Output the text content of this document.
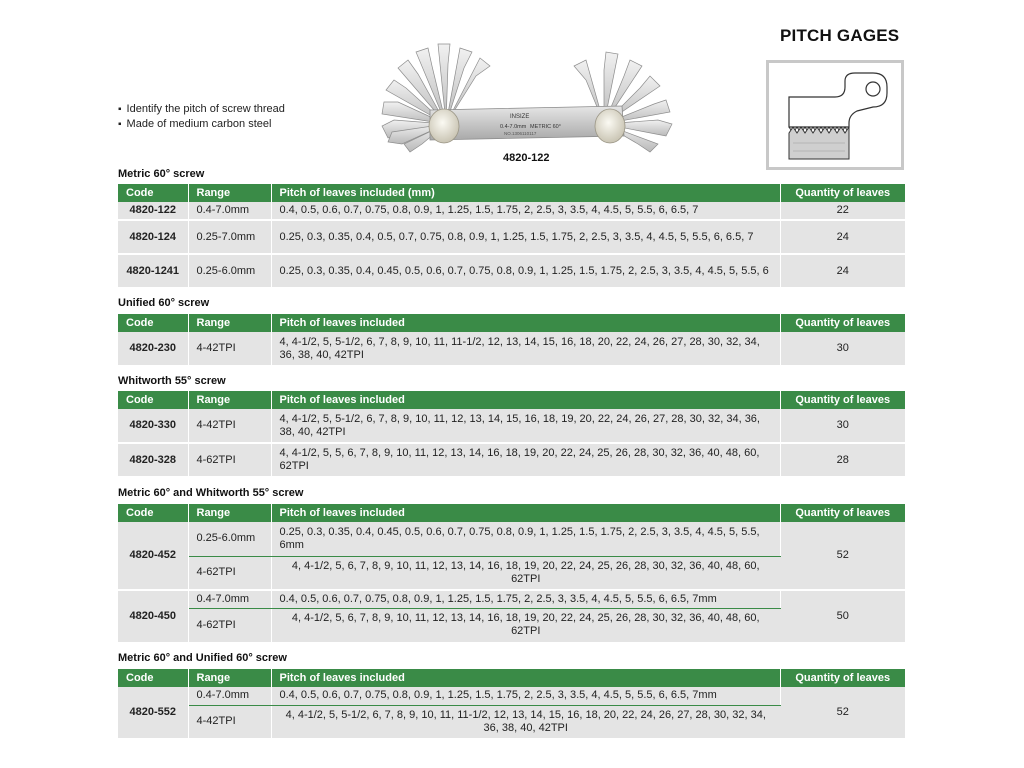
PITCH GAGES
▪ Identify the pitch of screw thread
▪ Made of medium carbon steel
INSIZE
0.4-7.0mm METRIC 60°
NO.1306110117
4820-122
Metric 60° screw
Code	Range	Pitch of leaves included (mm)	Quantity of leaves
4820-122	0.4-7.0mm	0.4, 0.5, 0.6, 0.7, 0.75, 0.8, 0.9, 1, 1.25, 1.5, 1.75, 2, 2.5, 3, 3.5, 4, 4.5, 5, 5.5, 6, 6.5, 7	22
4820-124	0.25-7.0mm	0.25, 0.3, 0.35, 0.4, 0.5, 0.7, 0.75, 0.8, 0.9, 1, 1.25, 1.5, 1.75, 2, 2.5, 3, 3.5, 4, 4.5, 5, 5.5, 6, 6.5, 7	24
4820-1241	0.25-6.0mm	0.25, 0.3, 0.35, 0.4, 0.45, 0.5, 0.6, 0.7, 0.75, 0.8, 0.9, 1, 1.25, 1.5, 1.75, 2, 2.5, 3, 3.5, 4, 4.5, 5, 5.5, 6	24
Unified 60° screw
Code	Range	Pitch of leaves included	Quantity of leaves
4820-230	4-42TPI	4, 4-1/2, 5, 5-1/2, 6, 7, 8, 9, 10, 11, 11-1/2, 12, 13, 14, 15, 16, 18, 20, 22, 24, 26, 27, 28, 30, 32, 34, 36, 38, 40, 42TPI	30
Whitworth 55° screw
Code	Range	Pitch of leaves included	Quantity of leaves
4820-330	4-42TPI	4, 4-1/2, 5, 5-1/2, 6, 7, 8, 9, 10, 11, 12, 13, 14, 15, 16, 18, 19, 20, 22, 24, 26, 27, 28, 30, 32, 34, 36, 38, 40, 42TPI	30
4820-328	4-62TPI	4, 4-1/2, 5, 5, 6, 7, 8, 9, 10, 11, 12, 13, 14, 16, 18, 19, 20, 22, 24, 25, 26, 28, 30, 32, 36, 40, 48, 60, 62TPI	28
Metric 60° and Whitworth 55° screw
Code	Range	Pitch of leaves included	Quantity of leaves
4820-452	0.25-6.0mm	0.25, 0.3, 0.35, 0.4, 0.45, 0.5, 0.6, 0.7, 0.75, 0.8, 0.9, 1, 1.25, 1.5, 1.75, 2, 2.5, 3, 3.5, 4, 4.5, 5, 5.5, 6mm	52
	4-62TPI	4, 4-1/2, 5, 6, 7, 8, 9, 10, 11, 12, 13, 14, 16, 18, 19, 20, 22, 24, 25, 26, 28, 30, 32, 36, 40, 48, 60, 62TPI	
4820-450	0.4-7.0mm	0.4, 0.5, 0.6, 0.7, 0.75, 0.8, 0.9, 1, 1.25, 1.5, 1.75, 2, 2.5, 3, 3.5, 4, 4.5, 5, 5.5, 6, 6.5, 7mm	50
	4-62TPI	4, 4-1/2, 5, 6, 7, 8, 9, 10, 11, 12, 13, 14, 16, 18, 19, 20, 22, 24, 25, 26, 28, 30, 32, 36, 40, 48, 60, 62TPI	
Metric 60° and Unified 60° screw
Code	Range	Pitch of leaves included	Quantity of leaves
4820-552	0.4-7.0mm	0.4, 0.5, 0.6, 0.7, 0.75, 0.8, 0.9, 1, 1.25, 1.5, 1.75, 2, 2.5, 3, 3.5, 4, 4.5, 5, 5.5, 6, 6.5, 7mm	52
	4-42TPI	4, 4-1/2, 5, 5-1/2, 6, 7, 8, 9, 10, 11, 11-1/2, 12, 13, 14, 15, 16, 18, 20, 22, 24, 26, 27, 28, 30, 32, 34, 36, 38, 40, 42TPI	
